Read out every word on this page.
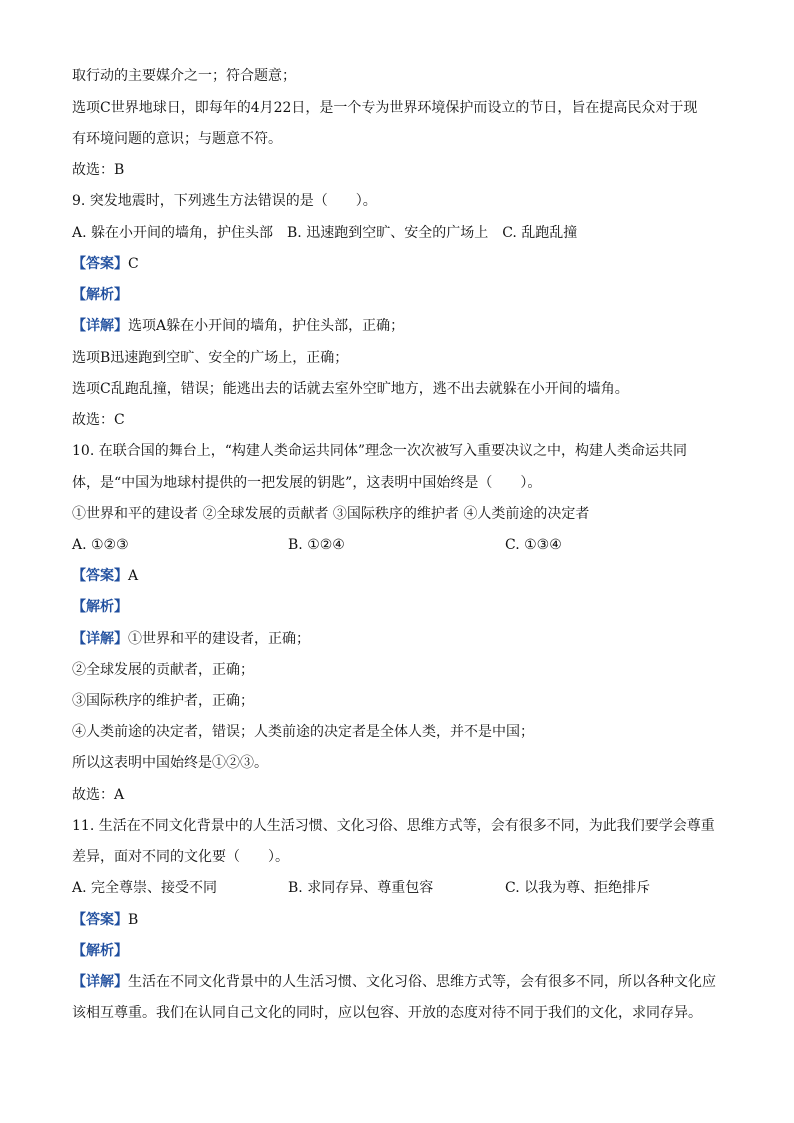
取行动的主要媒介之一；符合题意；
选项C世界地球日，即每年的4月22日，是一个专为世界环境保护而设立的节日，旨在提高民众对于现
有环境问题的意识；与题意不符。
故选：B
9. 突发地震时，下列逃生方法错误的是（　　）。
A. 躲在小开间的墙角，护住头部　B. 迅速跑到空旷、安全的广场上　C. 乱跑乱撞
【答案】C
【解析】
【详解】选项A躲在小开间的墙角，护住头部，正确；
选项B迅速跑到空旷、安全的广场上，正确；
选项C乱跑乱撞，错误；能逃出去的话就去室外空旷地方，逃不出去就躲在小开间的墙角。
故选：C
10. 在联合国的舞台上，“构建人类命运共同体”理念一次次被写入重要决议之中，构建人类命运共同
体，是“中国为地球村提供的一把发展的钥匙”，这表明中国始终是（　　）。
①世界和平的建设者 ②全球发展的贡献者 ③国际秩序的维护者 ④人类前途的决定者
A. ①②③	B. ①②④	C. ①③④
【答案】A
【解析】
【详解】①世界和平的建设者，正确；
②全球发展的贡献者，正确；
③国际秩序的维护者，正确；
④人类前途的决定者，错误；人类前途的决定者是全体人类，并不是中国；
所以这表明中国始终是①②③。
故选：A
11. 生活在不同文化背景中的人生活习惯、文化习俗、思维方式等，会有很多不同，为此我们要学会尊重
差异，面对不同的文化要（　　）。
A. 完全尊崇、接受不同	B. 求同存异、尊重包容	C. 以我为尊、拒绝排斥
【答案】B
【解析】
【详解】生活在不同文化背景中的人生活习惯、文化习俗、思维方式等，会有很多不同，所以各种文化应
该相互尊重。我们在认同自己文化的同时，应以包容、开放的态度对待不同于我们的文化，求同存异。
